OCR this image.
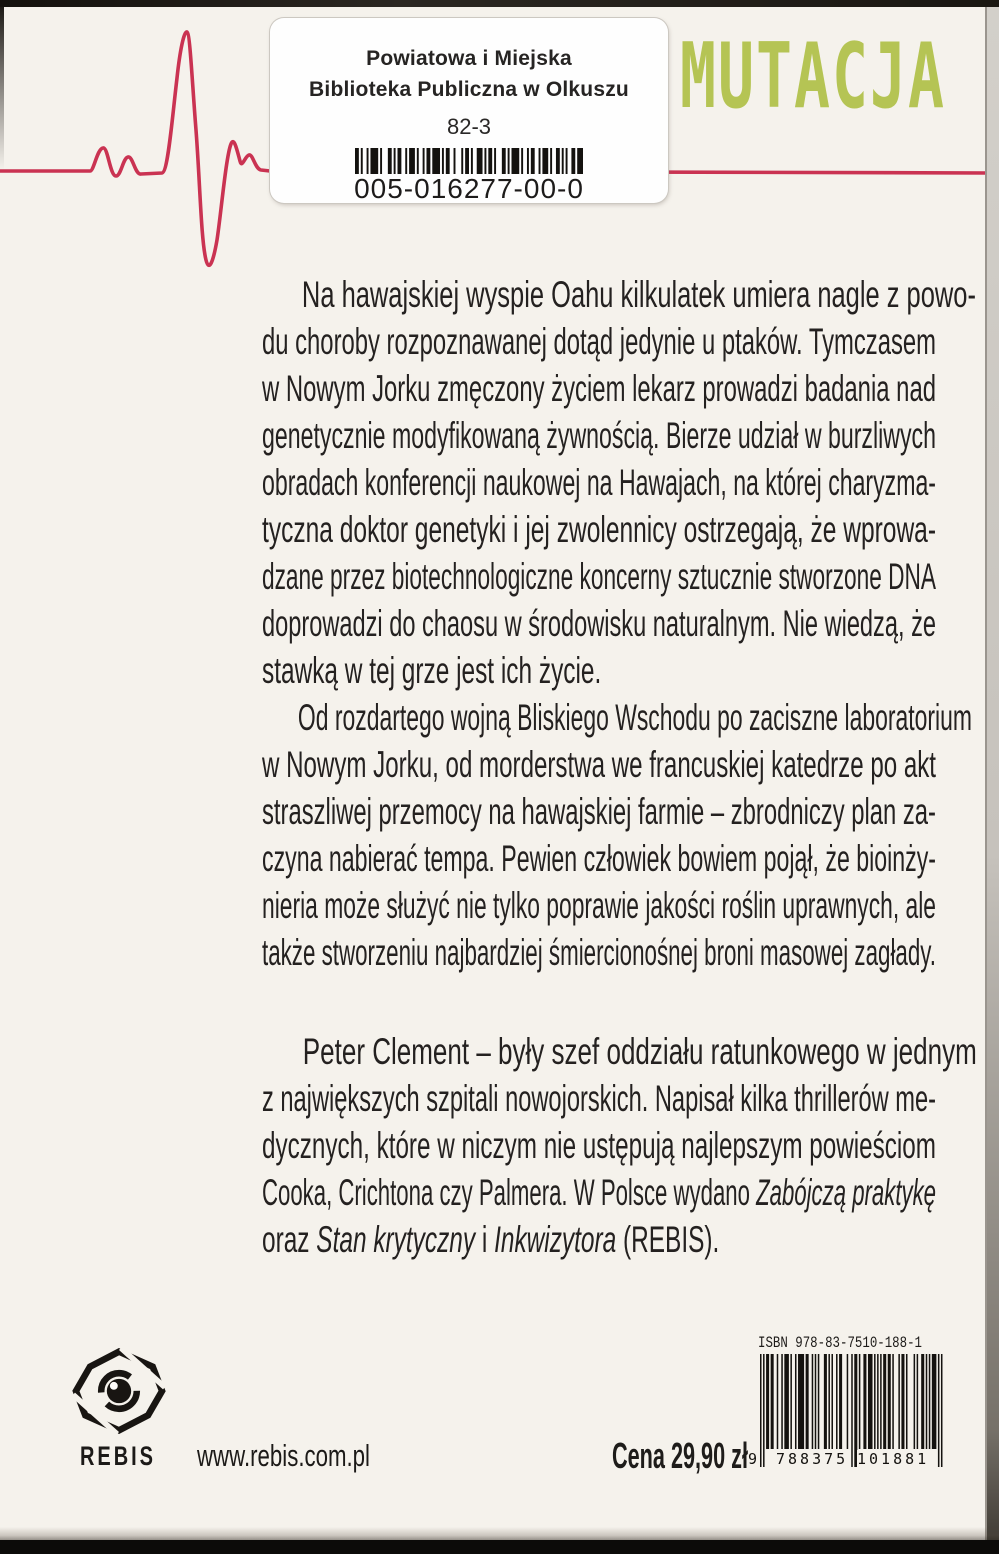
Powiatowa i Miejska
Biblioteka Publiczna w Olkuszu
82-3
005-016277-00-0
MUTACJA
Na hawajskiej wyspie Oahu kilkulatek umiera nagle z powo-
du choroby rozpoznawanej dotąd jedynie u ptaków. Tymczasem
w Nowym Jorku zmęczony życiem lekarz prowadzi badania nad
genetycznie modyfikowaną żywnością. Bierze udział w burzliwych
obradach konferencji naukowej na Hawajach, na której charyzma-
tyczna doktor genetyki i jej zwolennicy ostrzegają, że wprowa-
dzane przez biotechnologiczne koncerny sztucznie stworzone DNA
doprowadzi do chaosu w środowisku naturalnym. Nie wiedzą, że
stawką w tej grze jest ich życie.
Od rozdartego wojną Bliskiego Wschodu po zaciszne laboratorium
w Nowym Jorku, od morderstwa we francuskiej katedrze po akt
straszliwej przemocy na hawajskiej farmie – zbrodniczy plan za-
czyna nabierać tempa. Pewien człowiek bowiem pojął, że bioinży-
nieria może służyć nie tylko poprawie jakości roślin uprawnych, ale
także stworzeniu najbardziej śmiercionośnej broni masowej zagłady.
Peter Clement – były szef oddziału ratunkowego w jednym
z największych szpitali nowojorskich. Napisał kilka thrillerów me-
dycznych, które w niczym nie ustępują najlepszym powieściom
Cooka, Crichtona czy Palmera. W Polsce wydano Zabójczą praktykę
oraz Stan krytyczny i Inkwizytora (REBIS).
REBIS www.rebis.com.pl	Cena 29,90 zł
ISBN 978-83-7510-188-1
9 788375 101881
